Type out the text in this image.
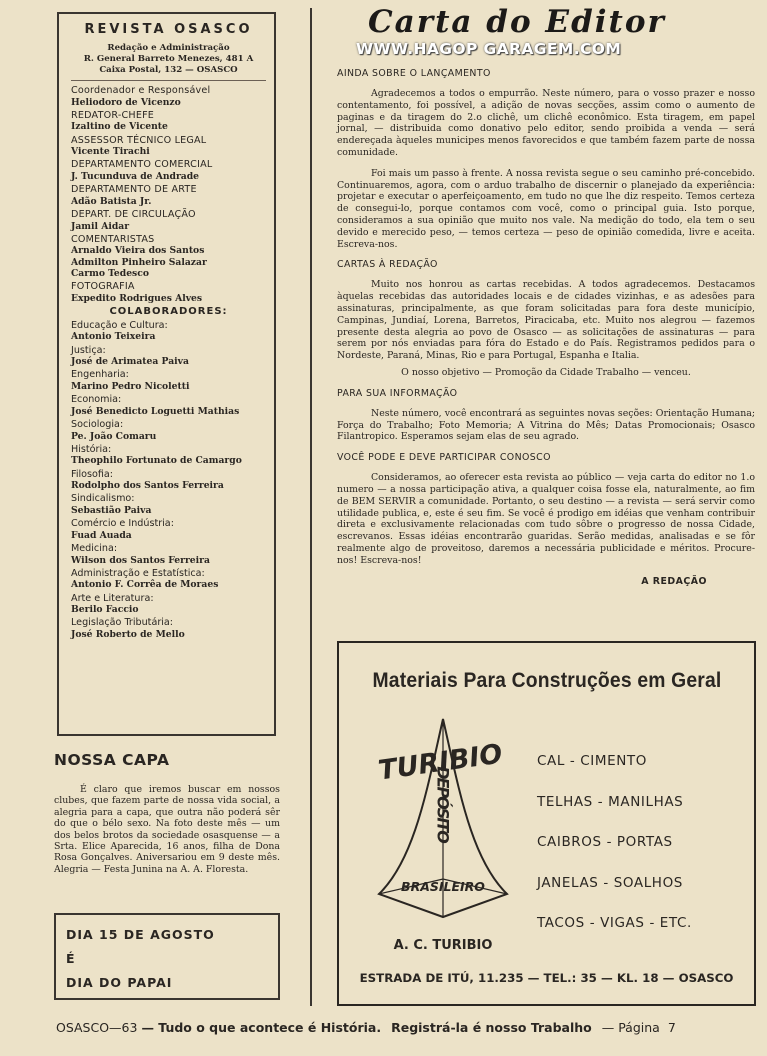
REVISTA OSASCO
Redação e Administração
R. General Barreto Menezes, 481 A
Caixa Postal, 132 — OSASCO
Coordenador e Responsável
Heliodoro de Vicenzo
REDATOR-CHEFE
Izaltino de Vicente
ASSESSOR TÉCNICO LEGAL
Vicente Tirachi
DEPARTAMENTO COMERCIAL
J. Tucunduva de Andrade
DEPARTAMENTO DE ARTE
Adão Batista Jr.
DEPART. DE CIRCULAÇÃO
Jamil Aidar
COMENTARISTAS
Arnaldo Vieira dos Santos
Admilton Pinheiro Salazar
Carmo Tedesco
FOTOGRAFIA
Expedito Rodrigues Alves
COLABORADORES:
Educação e Cultura:
Antonio Teixeira
Justiça:
José de Arimatea Paiva
Engenharia:
Marino Pedro Nicoletti
Economia:
José Benedicto Loguetti Mathias
Sociologia:
Pe. João Comaru
História:
Theophilo Fortunato de Camargo
Filosofia:
Rodolpho dos Santos Ferreira
Sindicalismo:
Sebastião Paiva
Comércio e Indústria:
Fuad Auada
Medicina:
Wilson dos Santos Ferreira
Administração e Estatística:
Antonio F. Corrêa de Moraes
Arte e Literatura:
Berilo Faccio
Legislação Tributária:
José Roberto de Mello
NOSSA CAPA
É claro que iremos buscar em nossos clubes, que fazem parte de nossa vida social, a alegria para a capa, que outra não poderá sêr do que o bélo sexo. Na foto deste mês — um dos belos brotos da sociedade osasquense — a Srta. Elice Aparecida, 16 anos, filha de Dona Rosa Gonçalves. Aniversariou em 9 deste mês. Alegria — Festa Junina na A. A. Floresta.
DIA 15 DE AGOSTO
É
DIA DO PAPAI
Carta do Editor
WWW.HAGOP GARAGEM.COM
AINDA SOBRE O LANÇAMENTO

Agradecemos a todos o empurrão. Neste número, para o vosso prazer e nosso contentamento, foi possível, a adição de novas secções, assim como o aumento de paginas e da tiragem do 2.o clichê, um clichê econômico. Esta tiragem, em papel jornal, — distribuida como donativo pelo editor, sendo proibida a venda — será endereçada àqueles municipes menos favorecidos e que também fazem parte de nossa comunidade.

Foi mais um passo à frente. A nossa revista segue o seu caminho pré-concebido. Continuaremos, agora, com o arduo trabalho de discernir o planejado da experiência: projetar e executar o aperfeiçoamento, em tudo no que lhe diz respeito. Temos certeza de consegui-lo, porque contamos com você, como o principal guia. Isto porque, consideramos a sua opinião que muito nos vale. Na medição do todo, ela tem o seu devido e merecido peso, — temos certeza — peso de opinião comedida, livre e aceita. Escreva-nos.

CARTAS À REDAÇÃO

Muito nos honrou as cartas recebidas. A todos agradecemos. Destacamos àquelas recebidas das autoridades locais e de cidades vizinhas, e as adesões para assinaturas, principalmente, as que foram solicitadas para fora deste município, Campinas, Jundiaí, Lorena, Barretos, Piracicaba, etc. Muito nos alegrou — fazemos presente desta alegria ao povo de Osasco — as solicitações de assinaturas — para serem por nós enviadas para fóra do Estado e do País. Registramos pedidos para o Nordeste, Paraná, Minas, Rio e para Portugal, Espanha e Italia.

O nosso objetivo — Promoção da Cidade Trabalho — venceu.

PARA SUA INFORMAÇÃO

Neste número, você encontrará as seguintes novas seções: Orientação Humana; Força do Trabalho; Foto Memoria; A Vitrina do Mês; Datas Promocionais; Osasco Filantropico. Esperamos sejam elas de seu agrado.

VOCÊ PODE E DEVE PARTICIPAR CONOSCO

Consideramos, ao oferecer esta revista ao público — veja carta do editor no 1.o numero — a nossa participação ativa, a qualquer coisa fosse ela, naturalmente, ao fim de BEM SERVIR a comunidade. Portanto, o seu destino — a revista — será servir como utilidade publica, e, este é seu fim. Se você é prodigo em idéias que venham contribuir direta e exclusivamente relacionadas com tudo sôbre o progresso de nossa Cidade, escrevanos. Essas idéias encontrarão guaridas. Serão medidas, analisadas e se fôr realmente algo de proveitoso, daremos a necessária publicidade e méritos. Procure-nos! Escreva-nos!

A REDAÇÃO
Materiais Para Construções em Geral
TURIBIO
DEPÓSITO
BRASILEIRO
A. C. TURIBIO
CAL - CIMENTO
TELHAS - MANILHAS
CAIBROS - PORTAS
JANELAS - SOALHOS
TACOS - VIGAS - ETC.
ESTRADA DE ITÚ, 11.235 — TEL.: 35 — KL. 18 — OSASCO
OSASCO—63 — Tudo o que acontece é História. Registrá-la é nosso Trabalho — Página 7
